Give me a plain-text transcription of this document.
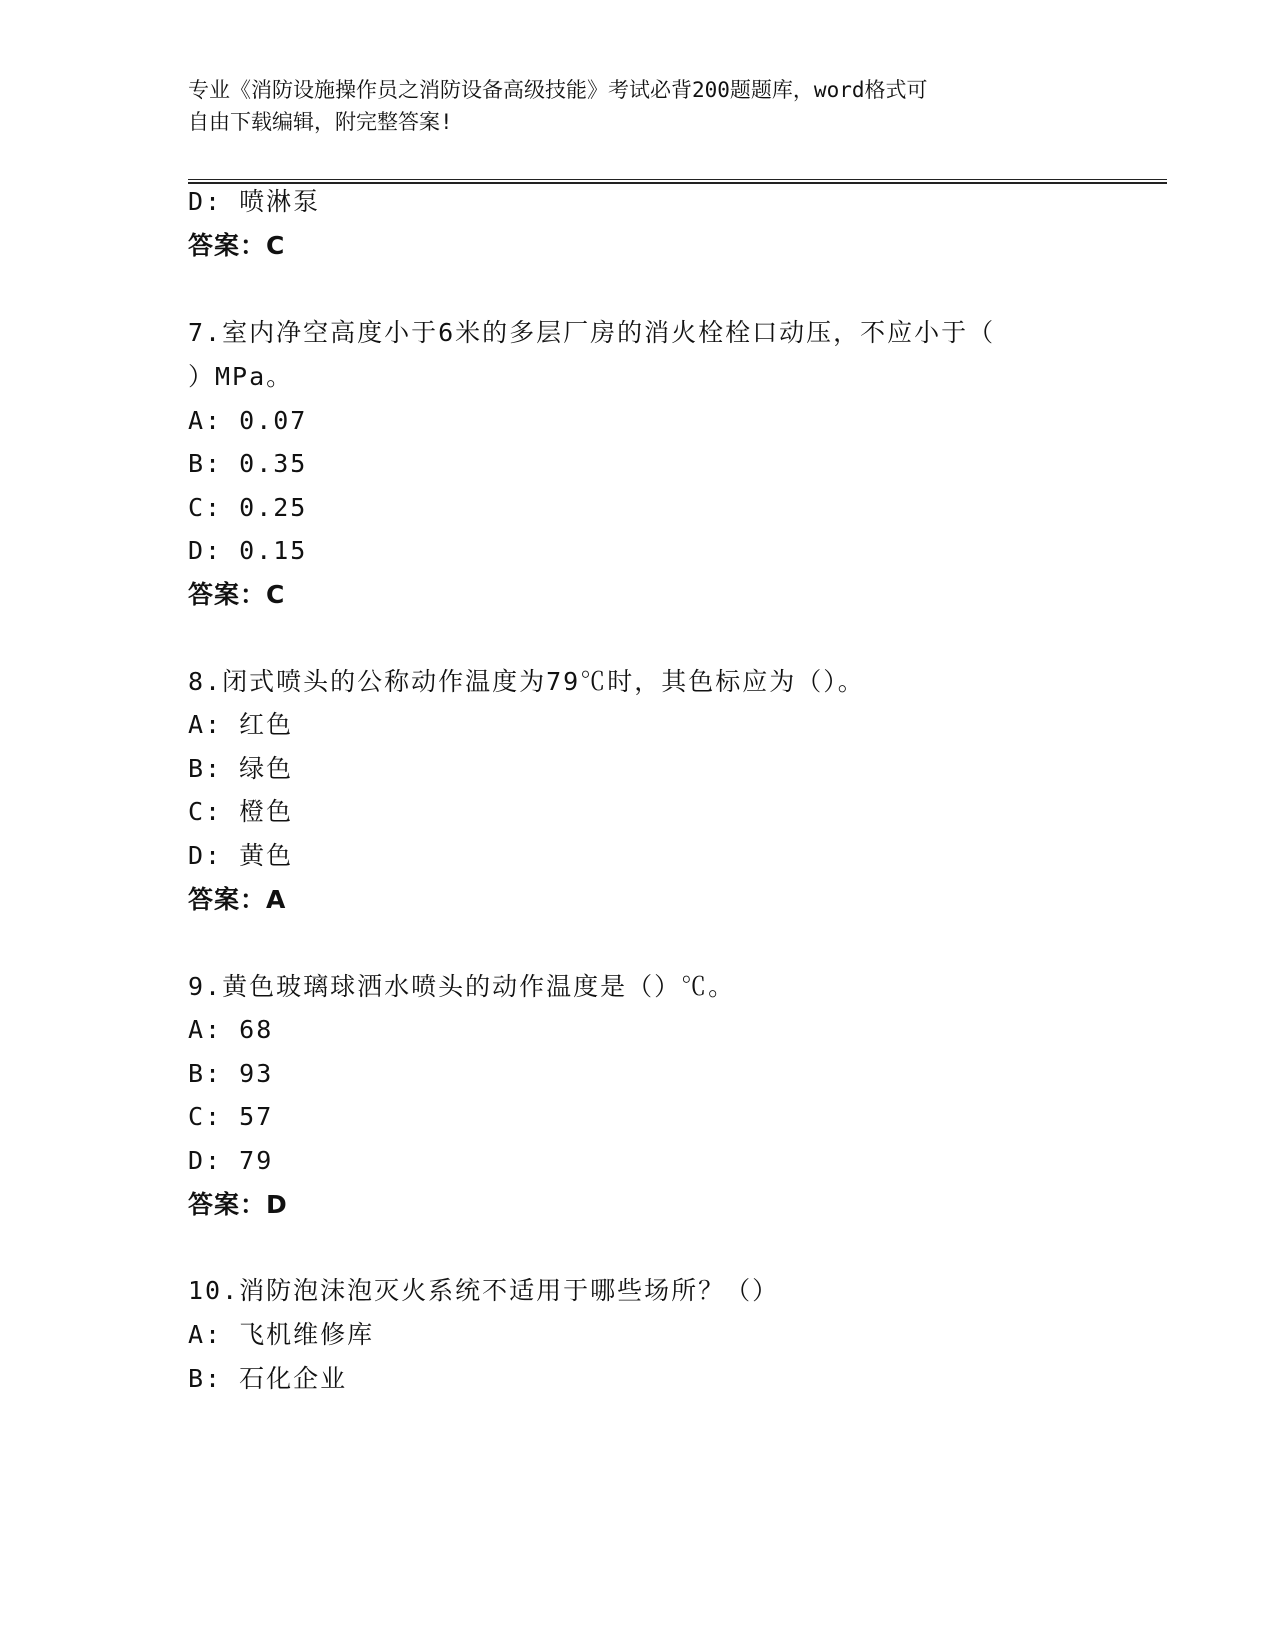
专业《消防设施操作员之消防设备高级技能》考试必背200题题库，word格式可
自由下载编辑，附完整答案!
D: 喷淋泵
答案：C
7.室内净空高度小于6米的多层厂房的消火栓栓口动压，不应小于（
）MPa。
A: 0.07
B: 0.35
C: 0.25
D: 0.15
答案：C
8.闭式喷头的公称动作温度为79℃时，其色标应为（）。
A: 红色
B: 绿色
C: 橙色
D: 黄色
答案：A
9.黄色玻璃球洒水喷头的动作温度是（）℃。
A: 68
B: 93
C: 57
D: 79
答案：D
10.消防泡沫泡灭火系统不适用于哪些场所？（）
A: 飞机维修库
B: 石化企业
